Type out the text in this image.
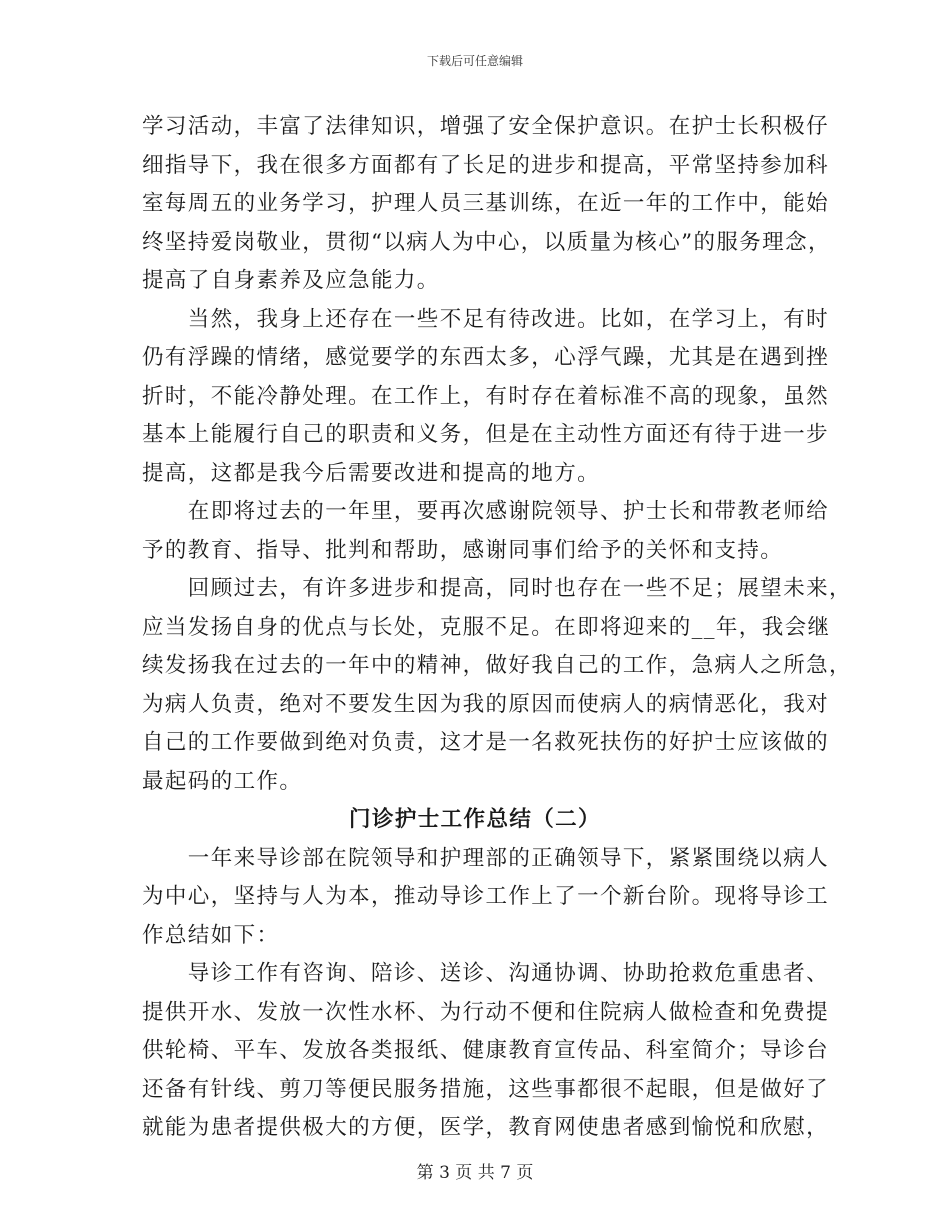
下载后可任意编辑
学习活动，丰富了法律知识，增强了安全保护意识。在护士长积极仔
细指导下，我在很多方面都有了长足的进步和提高，平常坚持参加科
室每周五的业务学习，护理人员三基训练，在近一年的工作中，能始
终坚持爱岗敬业，贯彻“以病人为中心，以质量为核心”的服务理念，
提高了自身素养及应急能力。
　　当然，我身上还存在一些不足有待改进。比如，在学习上，有时
仍有浮躁的情绪，感觉要学的东西太多，心浮气躁，尤其是在遇到挫
折时，不能冷静处理。在工作上，有时存在着标准不高的现象，虽然
基本上能履行自己的职责和义务，但是在主动性方面还有待于进一步
提高，这都是我今后需要改进和提高的地方。
　　在即将过去的一年里，要再次感谢院领导、护士长和带教老师给
予的教育、指导、批判和帮助，感谢同事们给予的关怀和支持。
　　回顾过去，有许多进步和提高，同时也存在一些不足；展望未来，
应当发扬自身的优点与长处，克服不足。在即将迎来的__年，我会继
续发扬我在过去的一年中的精神，做好我自己的工作，急病人之所急，
为病人负责，绝对不要发生因为我的原因而使病人的病情恶化，我对
自己的工作要做到绝对负责，这才是一名救死扶伤的好护士应该做的
最起码的工作。
门诊护士工作总结（二）
　　一年来导诊部在院领导和护理部的正确领导下，紧紧围绕以病人
为中心，坚持与人为本，推动导诊工作上了一个新台阶。现将导诊工
作总结如下：
　　导诊工作有咨询、陪诊、送诊、沟通协调、协助抢救危重患者、
提供开水、发放一次性水杯、为行动不便和住院病人做检查和免费提
供轮椅、平车、发放各类报纸、健康教育宣传品、科室简介；导诊台
还备有针线、剪刀等便民服务措施，这些事都很不起眼，但是做好了
就能为患者提供极大的方便，医学，教育网使患者感到愉悦和欣慰，
第 3 页 共 7 页
